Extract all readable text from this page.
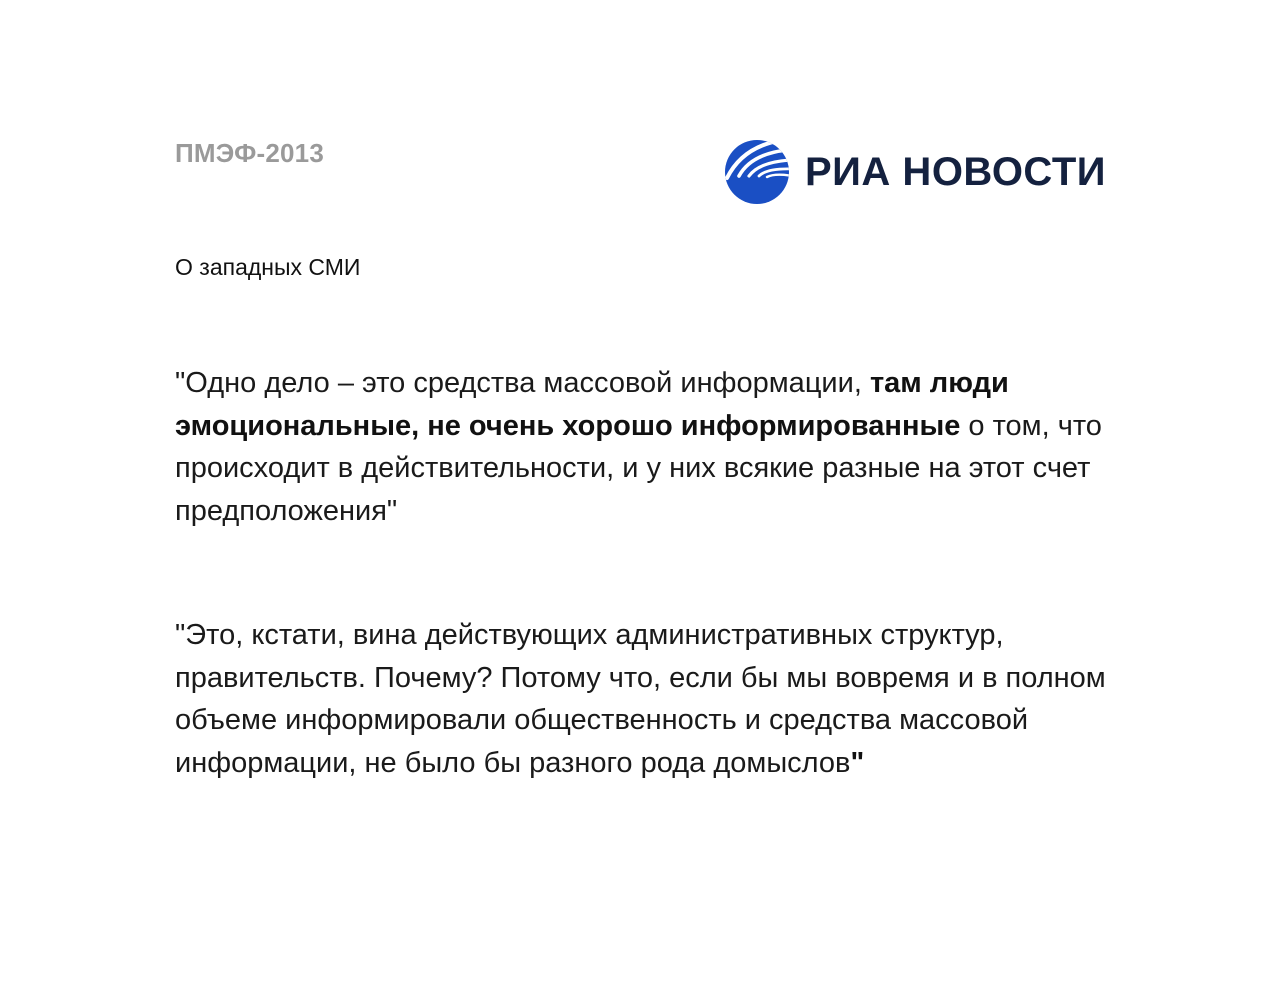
ПМЭФ-2013	РИА НОВОСТИ
О западных СМИ
"Одно дело – это средства массовой информации, там люди эмоциональные, не очень хорошо информированные о том, что происходит в действительности, и у них всякие разные на этот счет предположения"
"Это, кстати, вина действующих административных структур, правительств. Почему? Потому что, если бы мы вовремя и в полном объеме информировали общественность и средства массовой информации, не было бы разного рода домыслов"
